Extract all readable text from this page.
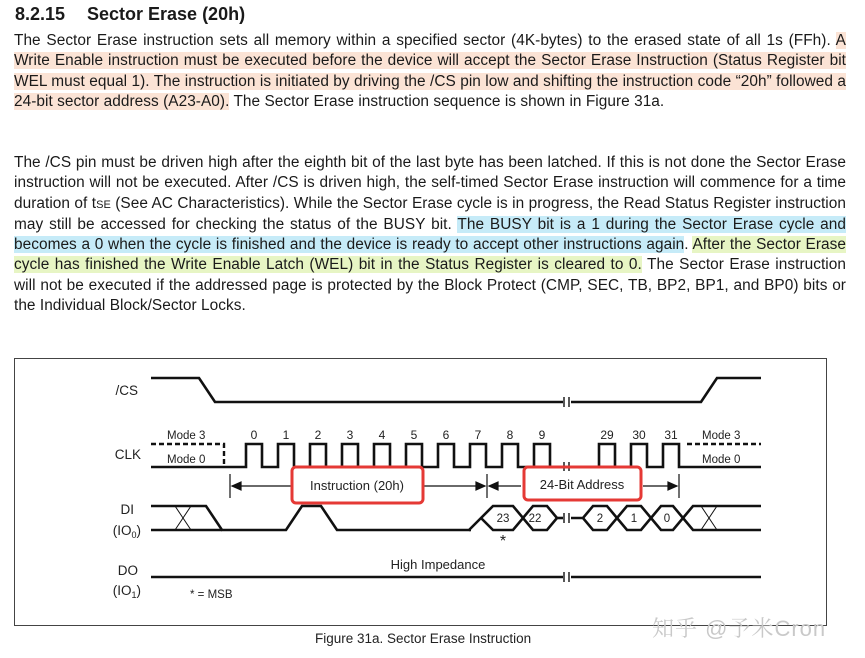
8.2.15 Sector Erase (20h)
The Sector Erase instruction sets all memory within a specified sector (4K-bytes) to the erased state of all 1s (FFh). A Write Enable instruction must be executed before the device will accept the Sector Erase Instruction (Status Register bit WEL must equal 1). The instruction is initiated by driving the /CS pin low and shifting the instruction code “20h” followed a 24-bit sector address (A23-A0). The Sector Erase instruction sequence is shown in Figure 31a.
The /CS pin must be driven high after the eighth bit of the last byte has been latched. If this is not done the Sector Erase instruction will not be executed. After /CS is driven high, the self-timed Sector Erase instruction will commence for a time duration of tSE (See AC Characteristics). While the Sector Erase cycle is in progress, the Read Status Register instruction may still be accessed for checking the status of the BUSY bit. The BUSY bit is a 1 during the Sector Erase cycle and becomes a 0 when the cycle is finished and the device is ready to accept other instructions again. After the Sector Erase cycle has finished the Write Enable Latch (WEL) bit in the Status Register is cleared to 0. The Sector Erase instruction will not be executed if the addressed page is protected by the Block Protect (CMP, SEC, TB, BP2, BP1, and BP0) bits or the Individual Block/Sector Locks.
/CS
CLK
DI
$(IO_0)$
DO
$(IO_1)$
Mode 3
Mode 0
Mode 3
Mode 0
0 1 2 3 4 5 6 7 8 9	29 30 31
Instruction (20h)	24-Bit Address
High Impedance
23 22	2 1 0
*
* = MSB
Figure 31a. Sector Erase Instruction	知乎 @予米Cron
